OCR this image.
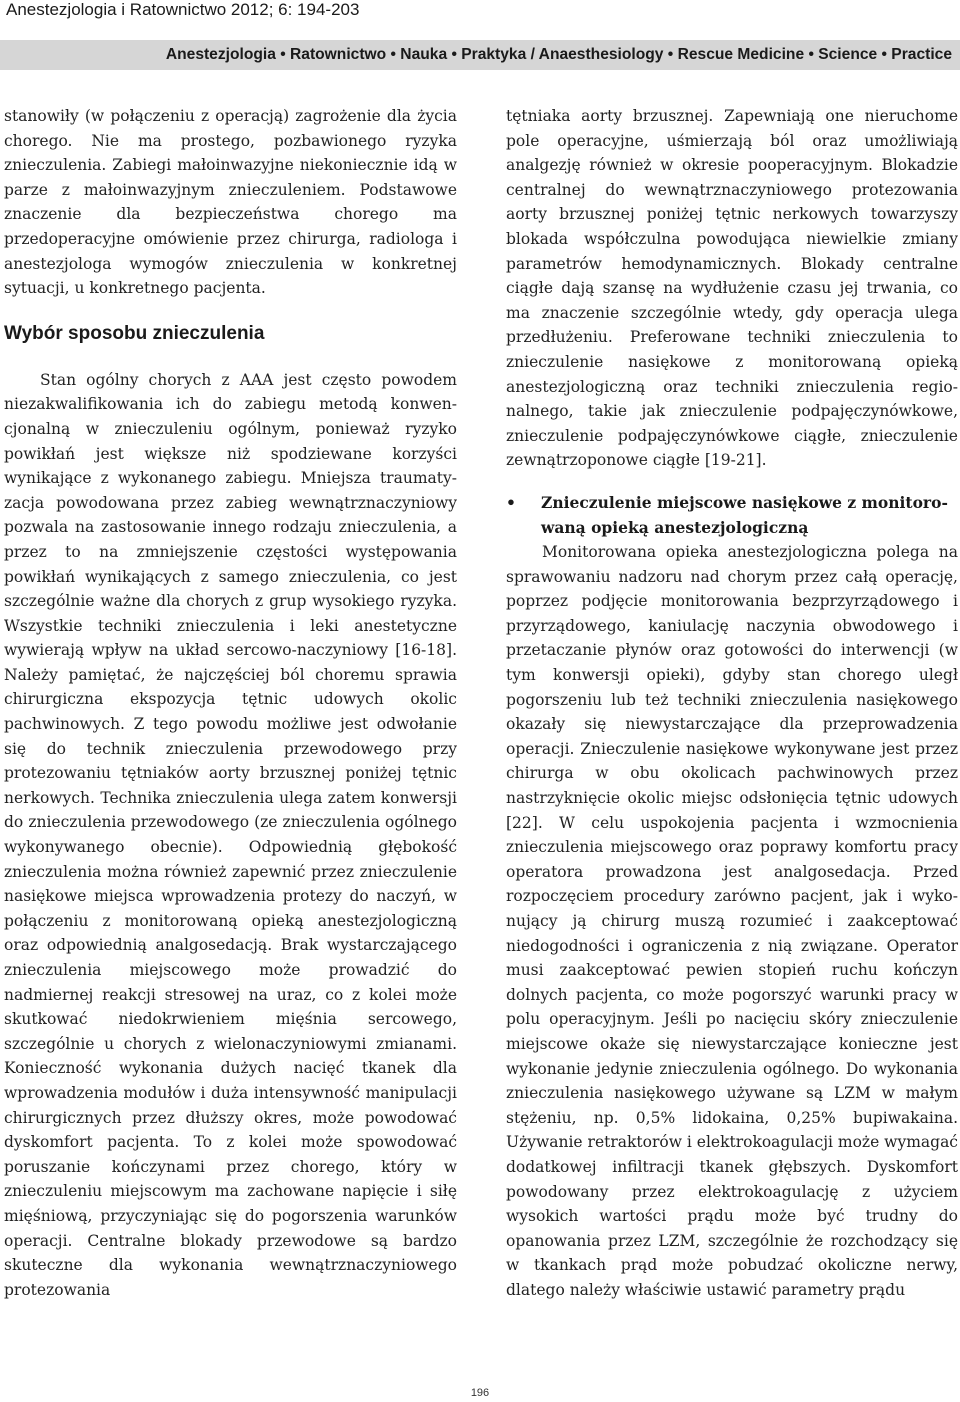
Anestezjologia i Ratownictwo 2012; 6: 194-203
Anestezjologia • Ratownictwo • Nauka • Praktyka / Anaesthesiology • Rescue Medicine • Science • Practice

stanowiły (w połączeniu z operacją) zagrożenie dla życia chorego. Nie ma prostego, pozbawionego ryzyka znieczulenia. Zabiegi małoinwazyjne niekoniecznie idą w parze z małoinwazyjnym znieczuleniem. Podstawowe znaczenie dla bezpieczeństwa chorego ma przedoperacyjne omówienie przez chirurga, radiologa i anestezjologa wymogów znieczulenia w konkretnej sytuacji, u konkretnego pacjenta.

Wybór sposobu znieczulenia

Stan ogólny chorych z AAA jest często powodem niezakwalifikowania ich do zabiegu metodą konwencjonalną w znieczuleniu ogólnym, ponieważ ryzyko powikłań jest większe niż spodziewane korzyści wynikające z wykonanego zabiegu. Mniejsza traumatyzacja powodowana przez zabieg wewnątrznaczyniowy pozwala na zastosowanie innego rodzaju znieczulenia, a przez to na zmniejszenie częstości występowania powikłań wynikających z samego znieczulenia, co jest szczególnie ważne dla chorych z grup wysokiego ryzyka. Wszystkie techniki znieczulenia i leki anestetyczne wywierają wpływ na układ sercowo-naczyniowy [16-18]. Należy pamiętać, że najczęściej ból choremu sprawia chirurgiczna ekspozycja tętnic udowych okolic pachwinowych. Z tego powodu możliwe jest odwołanie się do technik znieczulenia przewodowego przy protezowaniu tętniaków aorty brzusznej poniżej tętnic nerkowych. Technika znieczulenia ulega zatem konwersji do znieczulenia przewodowego (ze znieczulenia ogólnego wykonywanego obecnie). Odpowiednią głębokość znieczulenia można również zapewnić przez znieczulenie nasiękowe miejsca wprowadzenia protezy do naczyń, w połączeniu z monitorowaną opieką anestezjologiczną oraz odpowiednią analgosedacją. Brak wystarczającego znieczulenia miejscowego może prowadzić do nadmiernej reakcji stresowej na uraz, co z kolei może skutkować niedokrwieniem mięśnia sercowego, szczególnie u chorych z wielonaczyniowymi zmianami. Konieczność wykonania dużych nacięć tkanek dla wprowadzenia modułów i duża intensywność manipulacji chirurgicznych przez dłuższy okres, może powodować dyskomfort pacjenta. To z kolei może spowodować poruszanie kończynami przez chorego, który w znieczuleniu miejscowym ma zachowane napięcie i siłę mięśniową, przyczyniając się do pogorszenia warunków operacji. Centralne blokady przewodowe są bardzo skuteczne dla wykonania wewnątrznaczyniowego protezowania

tętniaka aorty brzusznej. Zapewniają one nieruchome pole operacyjne, uśmierzają ból oraz umożliwiają analgezję również w okresie pooperacyjnym. Blokadzie centralnej do wewnątrznaczyniowego protezowania aorty brzusznej poniżej tętnic nerkowych towarzyszy blokada współczulna powodująca niewielkie zmiany parametrów hemodynamicznych. Blokady centralne ciągłe dają szansę na wydłużenie czasu jej trwania, co ma znaczenie szczególnie wtedy, gdy operacja ulega przedłużeniu. Preferowane techniki znieczulenia to znieczulenie nasiękowe z monitorowaną opieką anestezjologiczną oraz techniki znieczulenia regionalnego, takie jak znieczulenie podpajęczynówkowe, znieczulenie podpajęczynówkowe ciągłe, znieczulenie zewnątrzoponowe ciągłe [19-21].

• Znieczulenie miejscowe nasiękowe z monitorowaną opieką anestezjologiczną

Monitorowana opieka anestezjologiczna polega na sprawowaniu nadzoru nad chorym przez całą operację, poprzez podjęcie monitorowania bezprzyrządowego i przyrządowego, kaniulację naczynia obwodowego i przetaczanie płynów oraz gotowości do interwencji (w tym konwersji opieki), gdyby stan chorego uległ pogorszeniu lub też techniki znieczulenia nasiękowego okazały się niewystarczające dla przeprowadzenia operacji. Znieczulenie nasiękowe wykonywane jest przez chirurga w obu okolicach pachwinowych przez nastrzyknięcie okolic miejsc odsłonięcia tętnic udowych [22]. W celu uspokojenia pacjenta i wzmocnienia znieczulenia miejscowego oraz poprawy komfortu pracy operatora prowadzona jest analgosedacja. Przed rozpoczęciem procedury zarówno pacjent, jak i wykonujący ją chirurg muszą rozumieć i zaakceptować niedogodności i ograniczenia z nią związane. Operator musi zaakceptować pewien stopień ruchu kończyn dolnych pacjenta, co może pogorszyć warunki pracy w polu operacyjnym. Jeśli po nacięciu skóry znieczulenie miejscowe okaże się niewystarczające konieczne jest wykonanie jedynie znieczulenia ogólnego. Do wykonania znieczulenia nasiękowego używane są LZM w małym stężeniu, np. 0,5% lidokaina, 0,25% bupiwakaina. Używanie retraktorów i elektrokoagulacji może wymagać dodatkowej infiltracji tkanek głębszych. Dyskomfort powodowany przez elektrokoagulację z użyciem wysokich wartości prądu może być trudny do opanowania przez LZM, szczególnie że rozchodzący się w tkankach prąd może pobudzać okoliczne nerwy, dlatego należy właściwie ustawić parametry prądu

196
